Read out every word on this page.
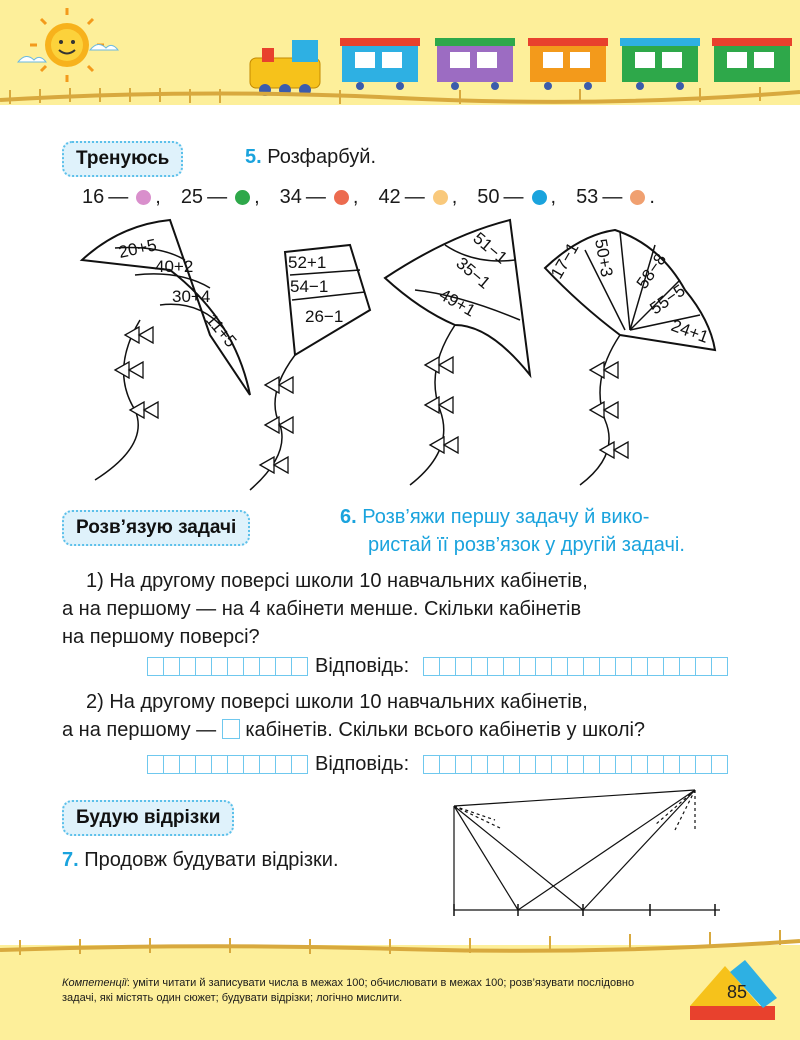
Тренуюсь	5. Розфарбуй.
16 — , 25 — , 34 — , 42 — , 50 — , 53 — .
20+5
40+2
30+4
11+5
52+1
54−1
26−1
51−1
35−1
49+1
17−1 50+3 58−8
55−5
24+1
Розв’язую задачі	6. Розв’яжи першу задачу й вико-
ристай її розв’язок у другій задачі.
1) На другому поверсі школи 10 навчальних кабінетів,
а на першому — на 4 кабінети менше. Скільки кабінетів
на першому поверсі?
Відповідь:
2) На другому поверсі школи 10 навчальних кабінетів,
а на першому — кабінетів. Скільки всього кабінетів у школі?
Відповідь:
Будую відрізки
7. Продовж будувати відрізки.
Компетенції: уміти читати й записувати числа в межах 100; обчислювати в межах 100; розв’язувати послідовно задачі, які містять один сюжет; будувати відрізки; логічно мислити.	85
